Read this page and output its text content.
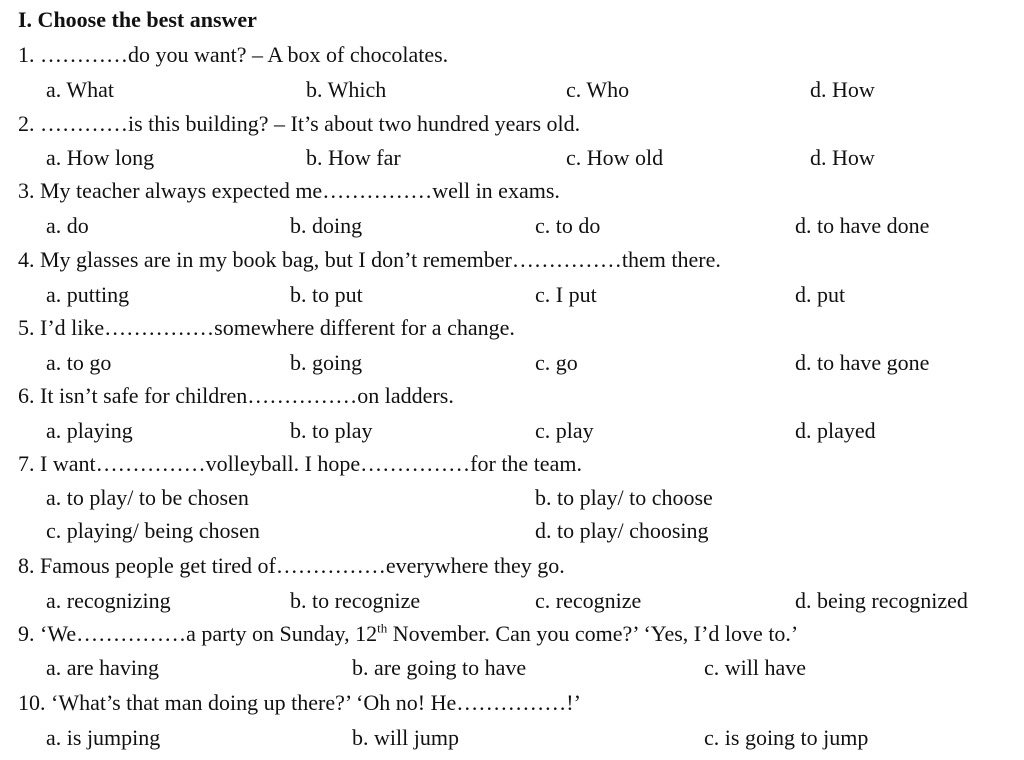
I. Choose the best answer
1. …………do you want? – A box of chocolates.
a. What	b. Which	c. Who	d. How
2. …………is this building? – It’s about two hundred years old.
a. How long	b. How far	c. How old	d. How
3. My teacher always expected me……………well in exams.
a. do	b. doing	c. to do	d. to have done
4. My glasses are in my book bag, but I don’t remember……………them there.
a. putting	b. to put	c. I put	d. put
5. I’d like……………somewhere different for a change.
a. to go	b. going	c. go	d. to have gone
6. It isn’t safe for children……………on ladders.
a. playing	b. to play	c. play	d. played
7. I want……………volleyball. I hope……………for the team.
a. to play/ to be chosen	b. to play/ to choose
c. playing/ being chosen	d. to play/ choosing
8. Famous people get tired of……………everywhere they go.
a. recognizing	b. to recognize	c. recognize	d. being recognized
9. ‘We……………a party on Sunday, 12th November. Can you come?’ ‘Yes, I’d love to.’
a. are having	b. are going to have	c. will have
10. ‘What’s that man doing up there?’ ‘Oh no! He……………!’
a. is jumping	b. will jump	c. is going to jump
